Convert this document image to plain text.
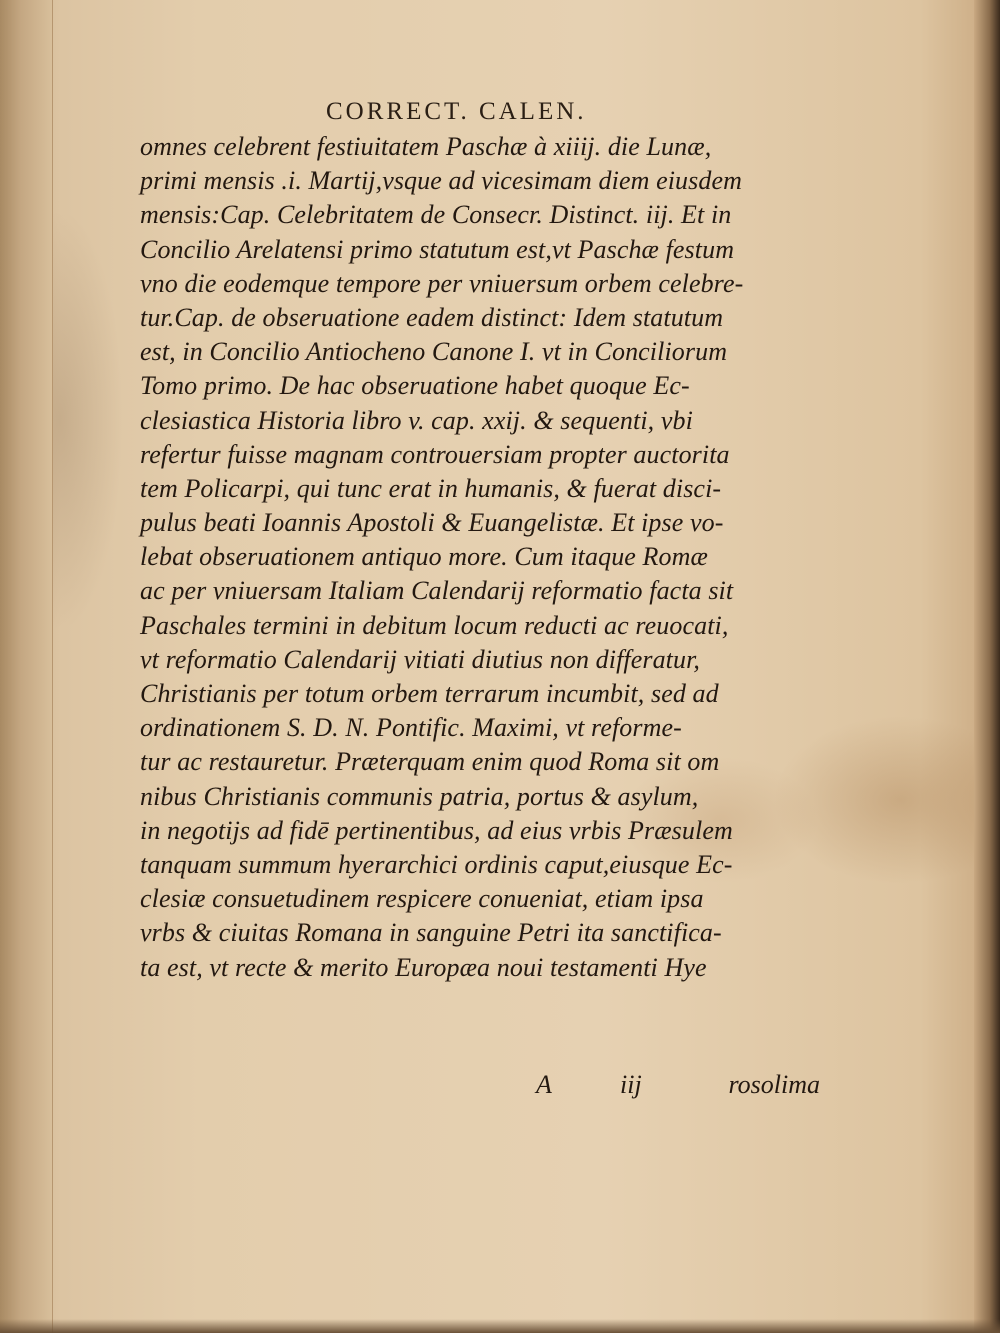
CORRECT. CALEN.
omnes celebrent festiuitatem Paschæ à xiiij. die Lunæ,
primi mensis .i. Martij,vsque ad vicesimam diem eiusdem
mensis:Cap. Celebritatem de Consecr. Distinct. iij. Et in
Concilio Arelatensi primo statutum est,vt Paschæ festum
vno die eodemque tempore per vniuersum orbem celebre-
tur.Cap. de obseruatione eadem distinct: Idem statutum
est, in Concilio Antiocheno Canone I. vt in Conciliorum
Tomo primo. De hac obseruatione habet quoque Ec-
clesiastica Historia libro v. cap. xxij. & sequenti, vbi
refertur fuisse magnam controuersiam propter auctorita
tem Policarpi, qui tunc erat in humanis, & fuerat disci-
pulus beati Ioannis Apostoli & Euangelistæ. Et ipse vo-
lebat obseruationem antiquo more. Cum itaque Romæ
ac per vniuersam Italiam Calendarij reformatio facta sit
Paschales termini in debitum locum reducti ac reuocati,
vt reformatio Calendarij vitiati diutius non differatur,
Christianis per totum orbem terrarum incumbit, sed ad
ordinationem S. D. N. Pontific. Maximi, vt reforme-
tur ac restauretur. Præterquam enim quod Roma sit om
nibus Christianis communis patria, portus & asylum,
in negotijs ad fidē pertinentibus, ad eius vrbis Præsulem
tanquam summum hyerarchici ordinis caput,eiusque Ec-
clesiæ consuetudinem respicere conueniat, etiam ipsa
vrbs & ciuitas Romana in sanguine Petri ita sanctifica-
ta est, vt recte & merito Europæa noui testamenti Hye
A	iij	rosolima
